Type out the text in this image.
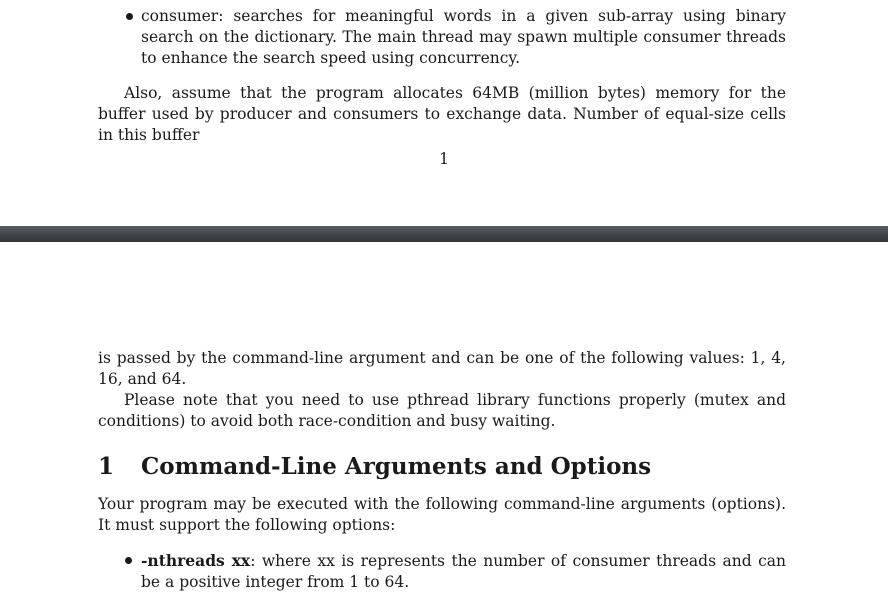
consumer: searches for meaningful words in a given sub-array using binary search on the dictionary. The main thread may spawn multiple consumer threads to enhance the search speed using concurrency.

Also, assume that the program allocates 64MB (million bytes) memory for the buffer used by producer and consumers to exchange data. Number of equal-size cells in this buffer

1

is passed by the command-line argument and can be one of the following values: 1, 4, 16, and 64.

Please note that you need to use pthread library functions properly (mutex and conditions) to avoid both race-condition and busy waiting.

1 Command-Line Arguments and Options

Your program may be executed with the following command-line arguments (options). It must support the following options:

-nthreads xx: where xx is represents the number of consumer threads and can be a positive integer from 1 to 64.
